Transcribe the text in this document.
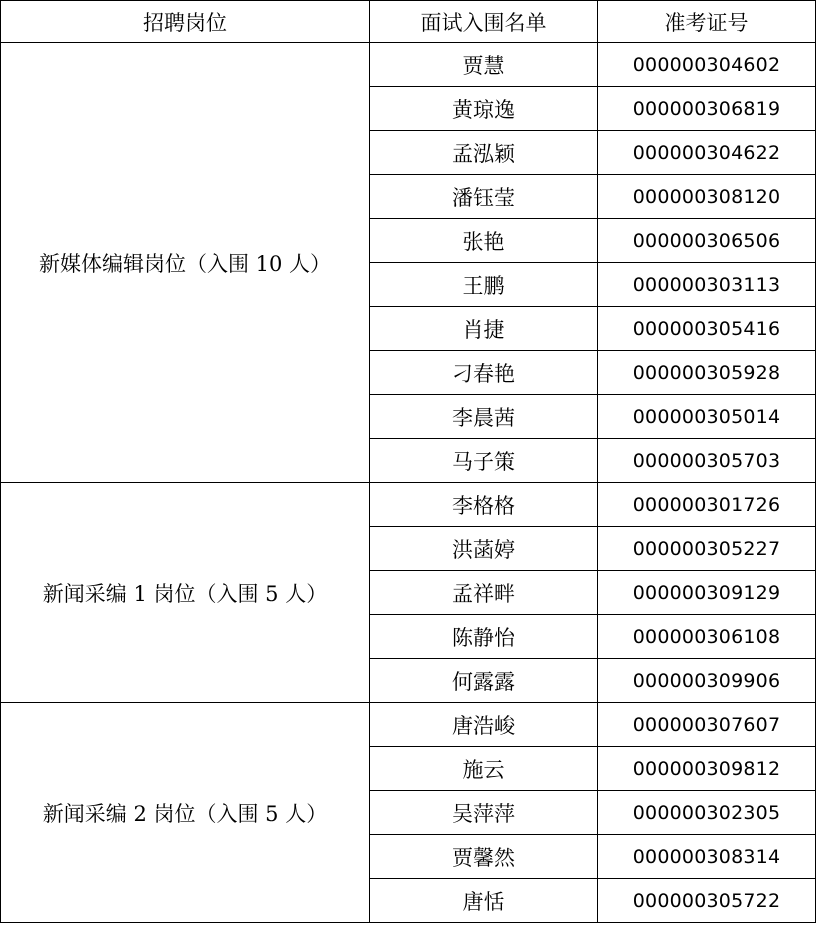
招聘岗位	面试入围名单	准考证号
新媒体编辑岗位（入围 10 人）	贾慧	000000304602
	黄琼逸	000000306819
	孟泓颖	000000304622
	潘钰莹	000000308120
	张艳	000000306506
	王鹏	000000303113
	肖捷	000000305416
	刁春艳	000000305928
	李晨茜	000000305014
	马子策	000000305703
新闻采编 1 岗位（入围 5 人）	李格格	000000301726
	洪菡婷	000000305227
	孟祥畔	000000309129
	陈静怡	000000306108
	何露露	000000309906
新闻采编 2 岗位（入围 5 人）	唐浩峻	000000307607
	施云	000000309812
	吴萍萍	000000302305
	贾馨然	000000308314
	唐恬	000000305722
